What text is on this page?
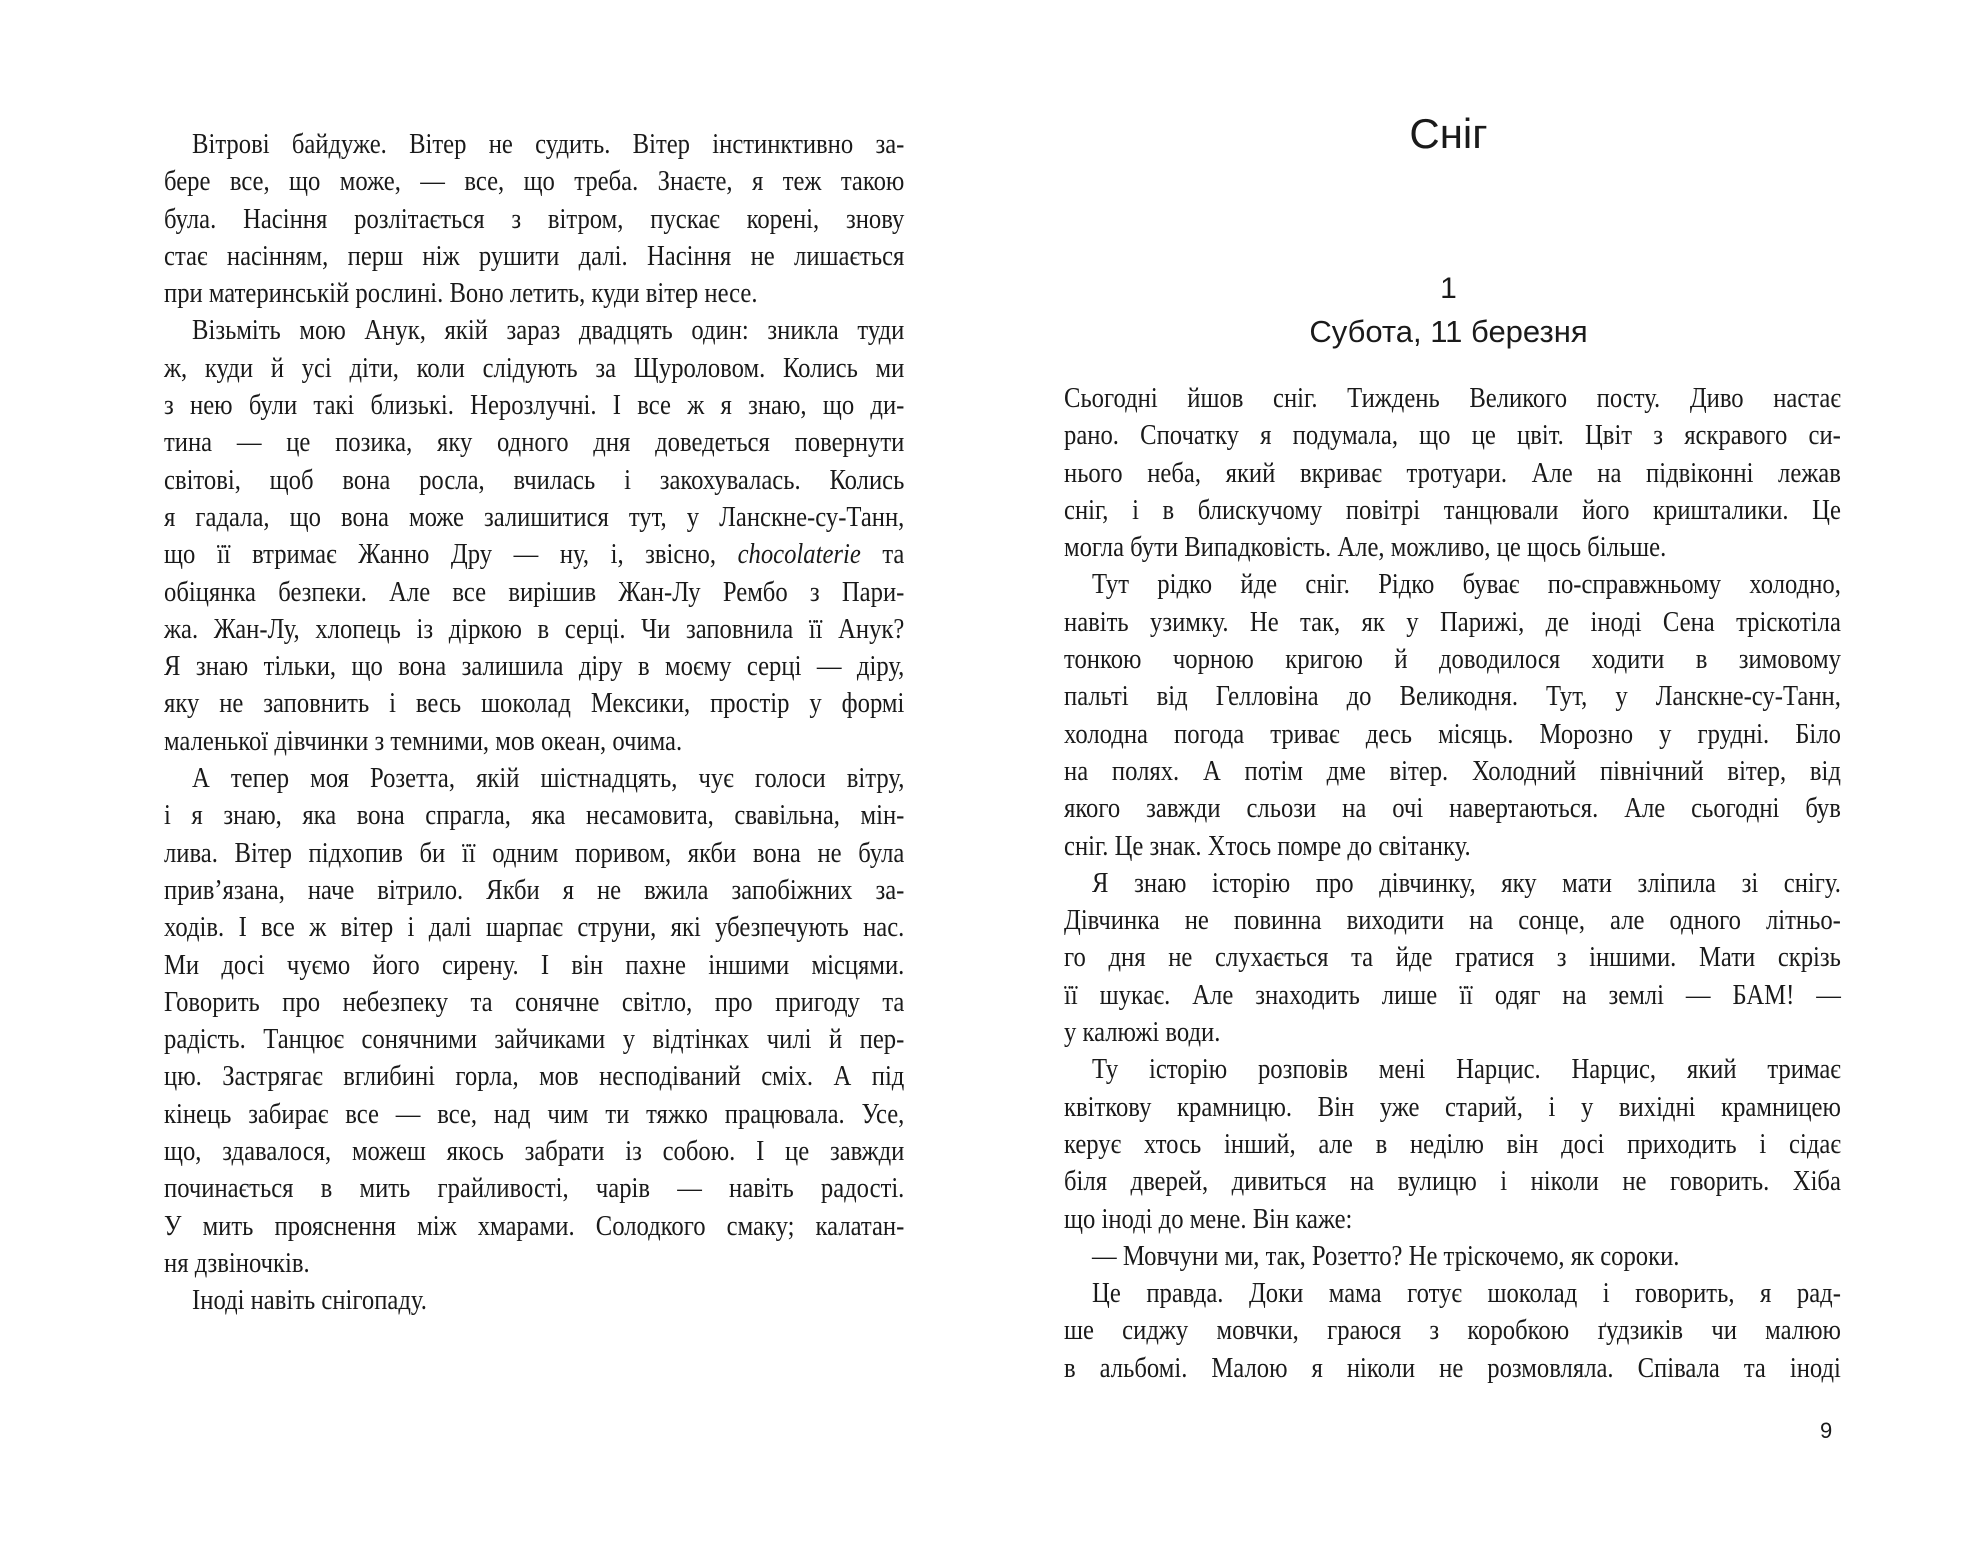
Вітрові байдуже. Вітер не судить. Вітер інстинктивно за-
бере все, що може, — все, що треба. Знаєте, я теж такою
була. Насіння розлітається з вітром, пускає корені, знову
стає насінням, перш ніж рушити далі. Насіння не лишається
при материнській рослині. Воно летить, куди вітер несе.
Візьміть мою Анук, якій зараз двадцять один: зникла туди
ж, куди й усі діти, коли слідують за Щуроловом. Колись ми
з нею були такі близькі. Нерозлучні. І все ж я знаю, що ди-
тина — це позика, яку одного дня доведеться повернути
світові, щоб вона росла, вчилась і закохувалась. Колись
я гадала, що вона може залишитися тут, у Ланскне-су-Танн,
що її втримає Жанно Дру — ну, і, звісно, chocolaterie та
обіцянка безпеки. Але все вирішив Жан-Лу Рембо з Пари-
жа. Жан-Лу, хлопець із діркою в серці. Чи заповнила її Анук?
Я знаю тільки, що вона залишила діру в моєму серці — діру,
яку не заповнить і весь шоколад Мексики, простір у формі
маленької дівчинки з темними, мов океан, очима.
А тепер моя Розетта, якій шістнадцять, чує голоси вітру,
і я знаю, яка вона спрагла, яка несамовита, свавільна, мін-
лива. Вітер підхопив би її одним поривом, якби вона не була
прив’язана, наче вітрило. Якби я не вжила запобіжних за-
ходів. І все ж вітер і далі шарпає струни, які убезпечують нас.
Ми досі чуємо його сирену. І він пахне іншими місцями.
Говорить про небезпеку та сонячне світло, про пригоду та
радість. Танцює сонячними зайчиками у відтінках чилі й пер-
цю. Застрягає вглибині горла, мов несподіваний сміх. А під
кінець забирає все — все, над чим ти тяжко працювала. Усе,
що, здавалося, можеш якось забрати із собою. І це завжди
починається в мить грайливості, чарів — навіть радості.
У мить прояснення між хмарами. Солодкого смаку; калатан-
ня дзвіночків.
Іноді навіть снігопаду.
Сніг
1
Субота, 11 березня
Сьогодні йшов сніг. Тиждень Великого посту. Диво настає
рано. Спочатку я подумала, що це цвіт. Цвіт з яскравого си-
нього неба, який вкриває тротуари. Але на підвіконні лежав
сніг, і в блискучому повітрі танцювали його кришталики. Це
могла бути Випадковість. Але, можливо, це щось більше.
Тут рідко йде сніг. Рідко буває по-справжньому холодно,
навіть узимку. Не так, як у Парижі, де іноді Сена тріскотіла
тонкою чорною кригою й доводилося ходити в зимовому
пальті від Гелловіна до Великодня. Тут, у Ланскне-су-Танн,
холодна погода триває десь місяць. Морозно у грудні. Біло
на полях. А потім дме вітер. Холодний північний вітер, від
якого завжди сльози на очі навертаються. Але сьогодні був
сніг. Це знак. Хтось помре до світанку.
Я знаю історію про дівчинку, яку мати зліпила зі снігу.
Дівчинка не повинна виходити на сонце, але одного літньо-
го дня не слухається та йде гратися з іншими. Мати скрізь
її шукає. Але знаходить лише її одяг на землі — БАМ! —
у калюжі води.
Ту історію розповів мені Нарцис. Нарцис, який тримає
квіткову крамницю. Він уже старий, і у вихідні крамницею
керує хтось інший, але в неділю він досі приходить і сідає
біля дверей, дивиться на вулицю і ніколи не говорить. Хіба
що іноді до мене. Він каже:
— Мовчуни ми, так, Розетто? Не тріскочемо, як сороки.
Це правда. Доки мама готує шоколад і говорить, я рад-
ше сиджу мовчки, граюся з коробкою ґудзиків чи малюю
в альбомі. Малою я ніколи не розмовляла. Співала та іноді
9
